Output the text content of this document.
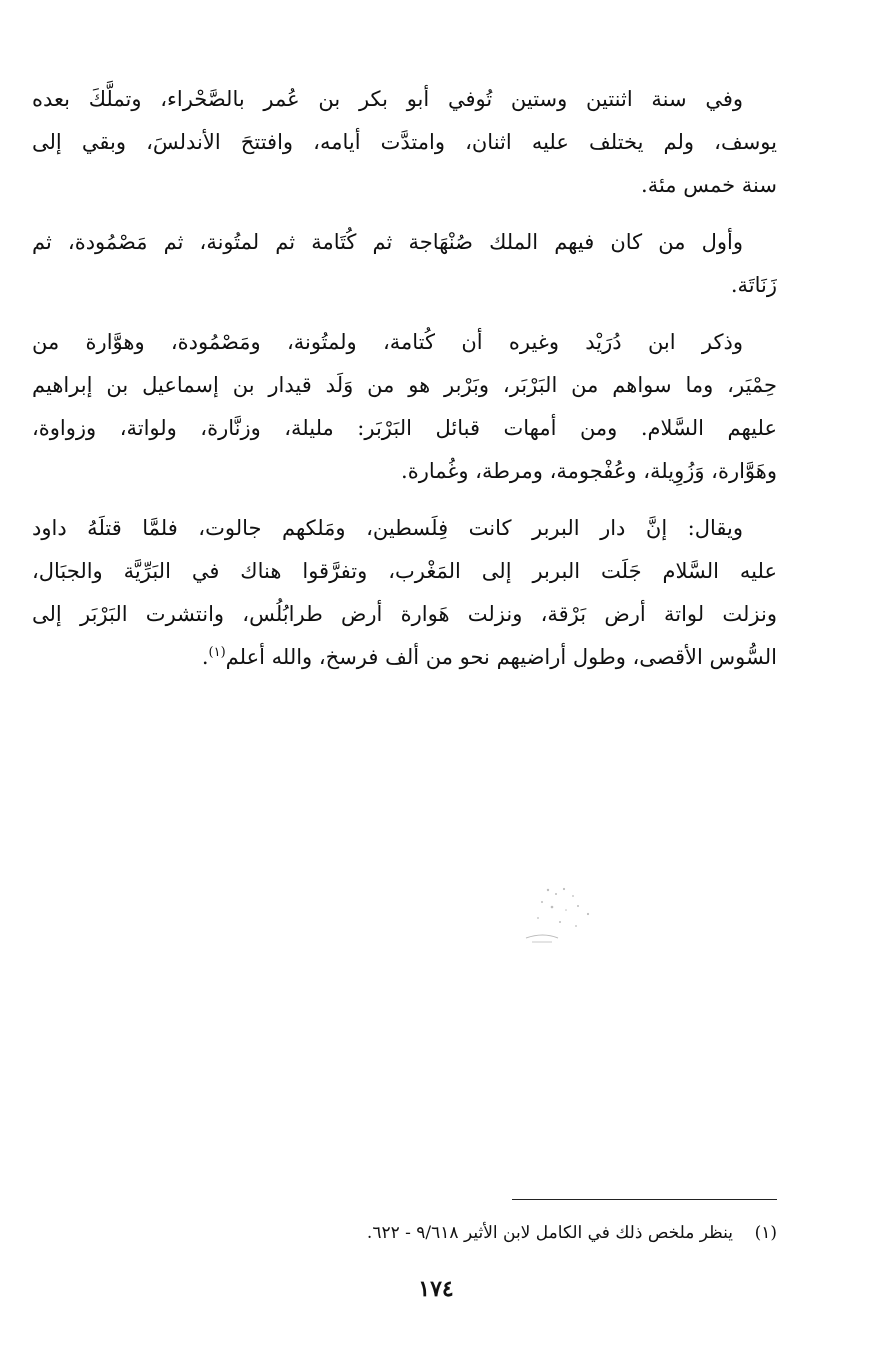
وفي سنة اثنتين وستين تُوفي أبو بكر بن عُمر بالصَّحْراء، وتملَّكَ بعده
يوسف، ولم يختلف عليه اثنان، وامتدَّت أيامه، وافتتحَ الأندلسَ، وبقي إلى
سنة خمس مئة.

وأول من كان فيهم الملك صُنْهَاجة ثم كُتَامة ثم لمتُونة، ثم مَصْمُودة، ثم
زَنَاتَة.

وذكر ابن دُرَيْد وغيره أن كُتامة، ولمتُونة، ومَصْمُودة، وهوَّارة من
حِمْيَر، وما سواهم من البَرْبَر، وبَرْبر هو من وَلَد قيدار بن إسماعيل بن إبراهيم
عليهم السَّلام. ومن أمهات قبائل البَرْبَر: مليلة، وزنَّارة، ولواتة، وزواوة،
وهَوَّارة، وَزُوِيلة، وعُفْجومة، ومرطة، وغُمارة.

ويقال: إنَّ دار البربر كانت فِلَسطين، ومَلكهم جالوت، فلمَّا قتلَهُ داود
عليه السَّلام جَلَت البربر إلى المَغْرب، وتفرَّقوا هناك في البَرِّيَّة والجبَال،
ونزلت لواتة أرض بَرْقة، ونزلت هَوارة أرض طرابُلُس، وانتشرت البَرْبَر إلى
السُّوس الأقصى، وطول أراضيهم نحو من ألف فرسخ، والله أعلم$^{(١)}$.

(١)    ينظر ملخص ذلك في الكامل لابن الأثير ٩/٦١٨ - ٦٢٢.
١٧٤
